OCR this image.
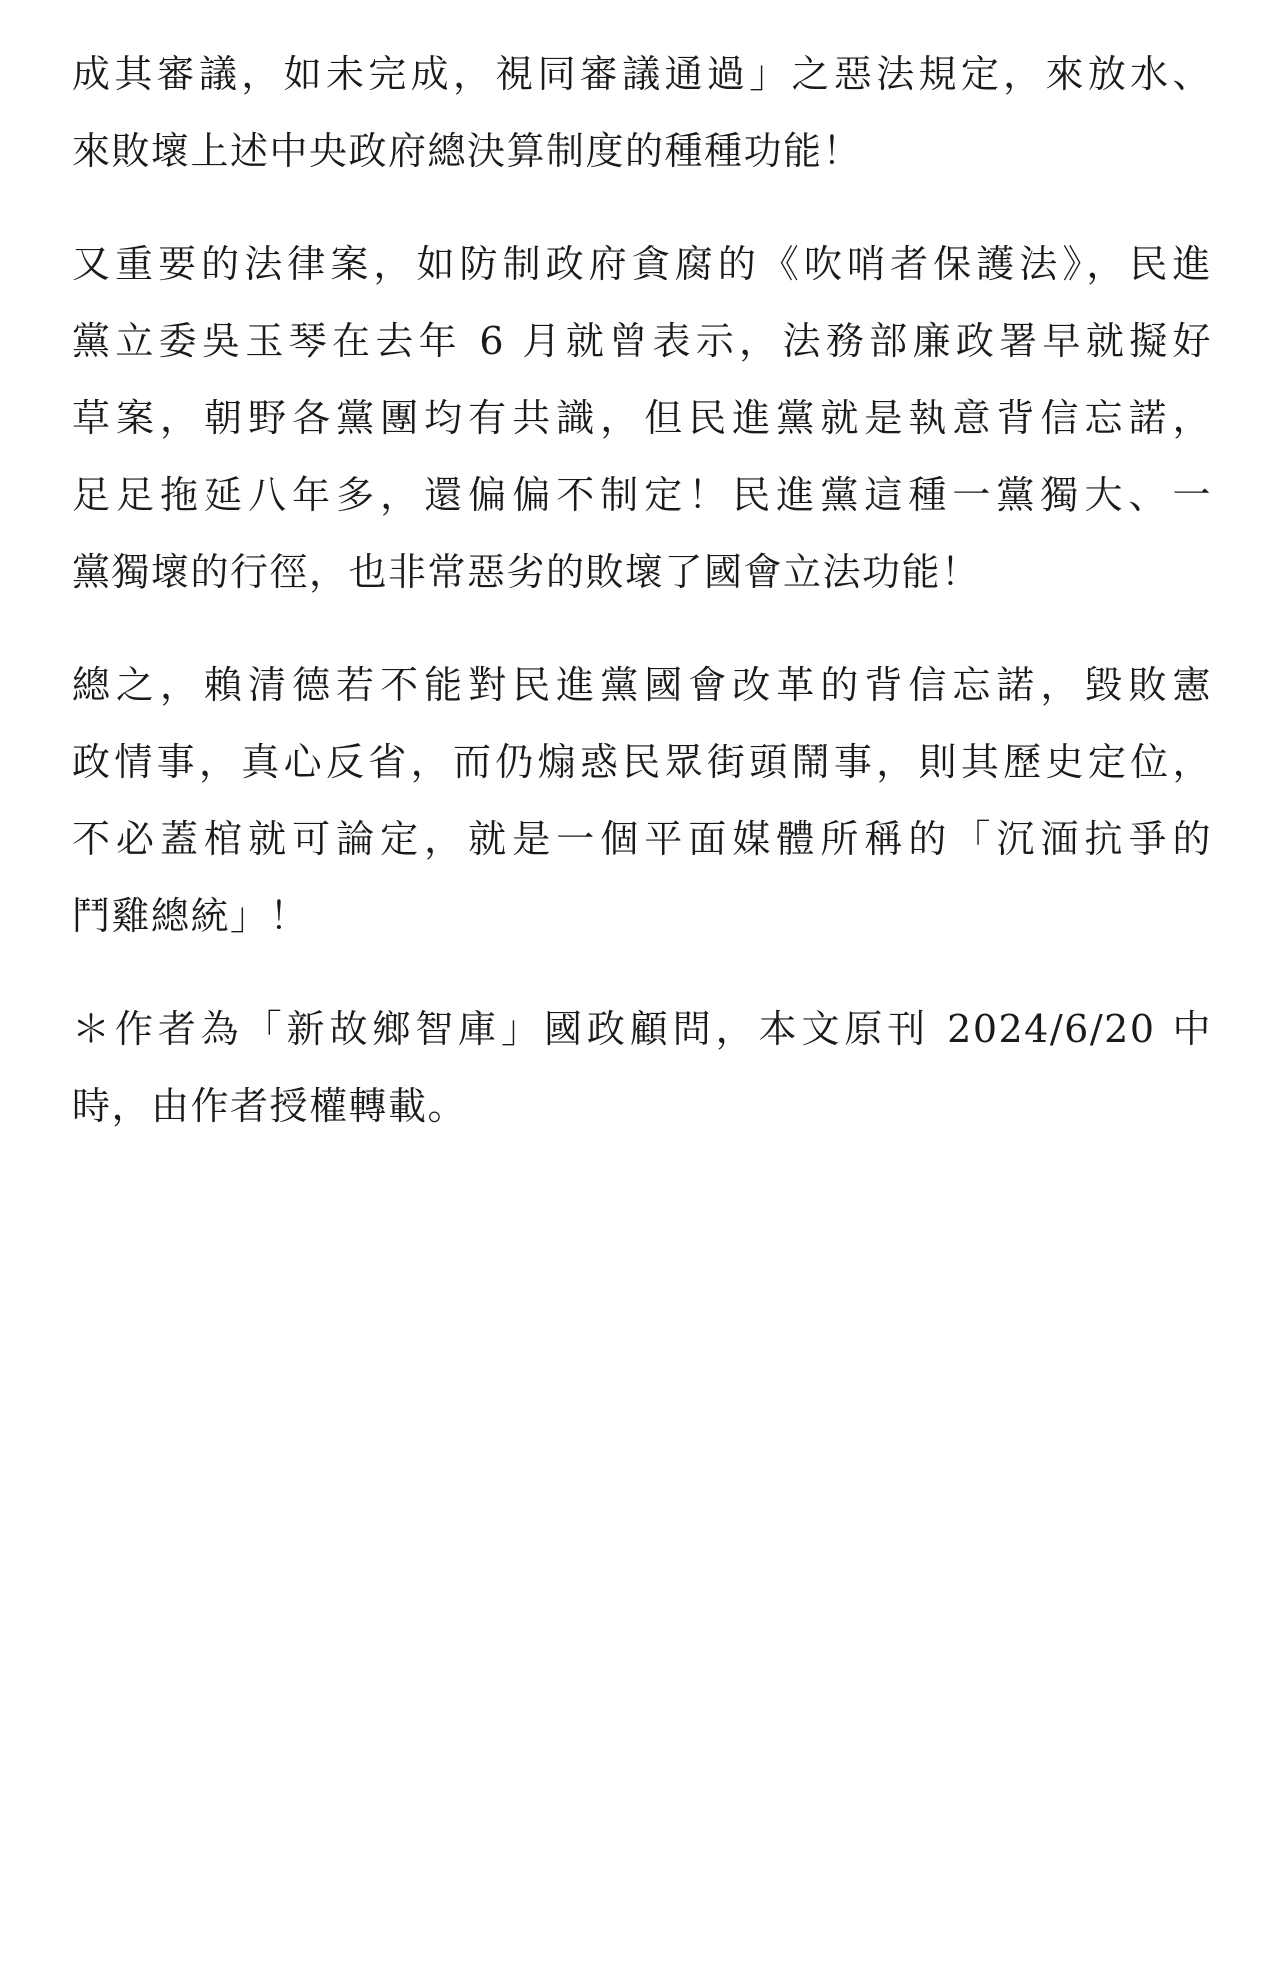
成其審議，如未完成，視同審議通過」之惡法規定，來放水、
來敗壞上述中央政府總決算制度的種種功能！
又重要的法律案，如防制政府貪腐的《吹哨者保護法》，民進
黨立委吳玉琴在去年 6 月就曾表示，法務部廉政署早就擬好
草案，朝野各黨團均有共識，但民進黨就是執意背信忘諾，
足足拖延八年多，還偏偏不制定！民進黨這種一黨獨大、一
黨獨壞的行徑，也非常惡劣的敗壞了國會立法功能！
總之，賴清德若不能對民進黨國會改革的背信忘諾，毀敗憲
政情事，真心反省，而仍煽惑民眾街頭鬧事，則其歷史定位，
不必蓋棺就可論定，就是一個平面媒體所稱的「沉湎抗爭的
鬥雞總統」！
＊作者為「新故鄉智庫」國政顧問，本文原刊 2024/6/20 中
時，由作者授權轉載。
